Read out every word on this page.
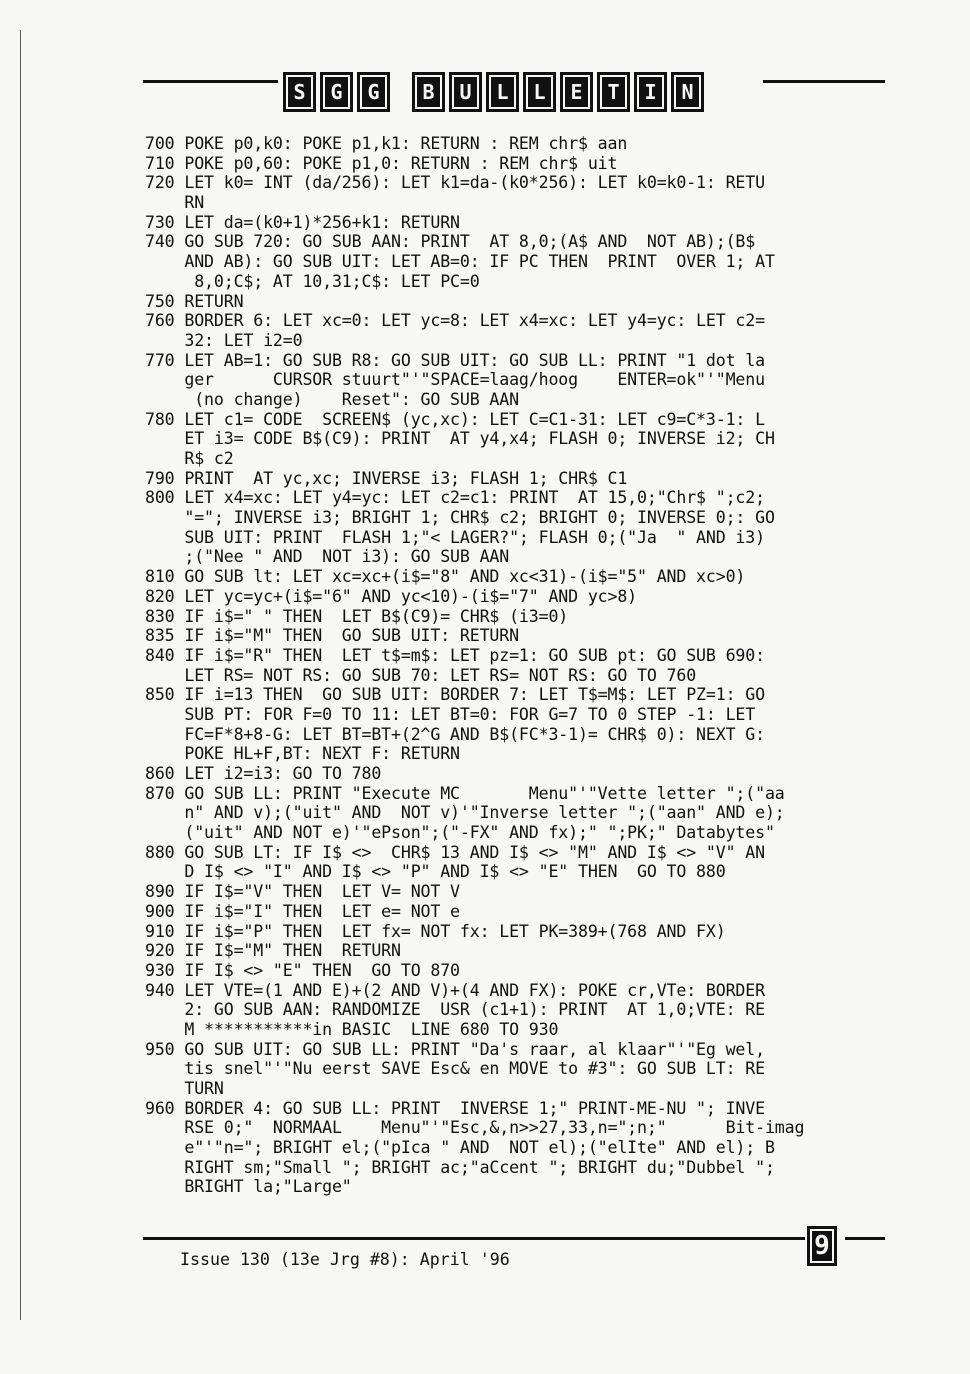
S	G	G	B	U	L	L	E	T	I	N
700 POKE p0,k0: POKE p1,k1: RETURN : REM chr$ aan
710 POKE p0,60: POKE p1,0: RETURN : REM chr$ uit
720 LET k0= INT (da/256): LET k1=da-(k0*256): LET k0=k0-1: RETU
RN
730 LET da=(k0+1)*256+k1: RETURN
740 GO SUB 720: GO SUB AAN: PRINT  AT 8,0;(A$ AND  NOT AB);(B$
AND AB): GO SUB UIT: LET AB=0: IF PC THEN  PRINT  OVER 1; AT
8,0;C$; AT 10,31;C$: LET PC=0
750 RETURN
760 BORDER 6: LET xc=0: LET yc=8: LET x4=xc: LET y4=yc: LET c2=
32: LET i2=0
770 LET AB=1: GO SUB R8: GO SUB UIT: GO SUB LL: PRINT "1 dot la
ger      CURSOR stuurt"'"SPACE=laag/hoog    ENTER=ok"'"Menu
(no change)    Reset": GO SUB AAN
780 LET c1= CODE  SCREEN$ (yc,xc): LET C=C1-31: LET c9=C*3-1: L
ET i3= CODE B$(C9): PRINT  AT y4,x4; FLASH 0; INVERSE i2; CH
R$ c2
790 PRINT  AT yc,xc; INVERSE i3; FLASH 1; CHR$ C1
800 LET x4=xc: LET y4=yc: LET c2=c1: PRINT  AT 15,0;"Chr$ ";c2;
"="; INVERSE i3; BRIGHT 1; CHR$ c2; BRIGHT 0; INVERSE 0;: GO
SUB UIT: PRINT  FLASH 1;"< LAGER?"; FLASH 0;("Ja  " AND i3)
;("Nee " AND  NOT i3): GO SUB AAN
810 GO SUB lt: LET xc=xc+(i$="8" AND xc<31)-(i$="5" AND xc>0)
820 LET yc=yc+(i$="6" AND yc<10)-(i$="7" AND yc>8)
830 IF i$=" " THEN  LET B$(C9)= CHR$ (i3=0)
835 IF i$="M" THEN  GO SUB UIT: RETURN
840 IF i$="R" THEN  LET t$=m$: LET pz=1: GO SUB pt: GO SUB 690:
LET RS= NOT RS: GO SUB 70: LET RS= NOT RS: GO TO 760
850 IF i=13 THEN  GO SUB UIT: BORDER 7: LET T$=M$: LET PZ=1: GO
SUB PT: FOR F=0 TO 11: LET BT=0: FOR G=7 TO 0 STEP -1: LET
FC=F*8+8-G: LET BT=BT+(2^G AND B$(FC*3-1)= CHR$ 0): NEXT G:
POKE HL+F,BT: NEXT F: RETURN
860 LET i2=i3: GO TO 780
870 GO SUB LL: PRINT "Execute MC       Menu"'"Vette letter ";("aa
n" AND v);("uit" AND  NOT v)'"Inverse letter ";("aan" AND e);
("uit" AND NOT e)'"ePson";("-FX" AND fx);" ";PK;" Databytes"
880 GO SUB LT: IF I$ <>  CHR$ 13 AND I$ <> "M" AND I$ <> "V" AN
D I$ <> "I" AND I$ <> "P" AND I$ <> "E" THEN  GO TO 880
890 IF I$="V" THEN  LET V= NOT V
900 IF i$="I" THEN  LET e= NOT e
910 IF i$="P" THEN  LET fx= NOT fx: LET PK=389+(768 AND FX)
920 IF I$="M" THEN  RETURN
930 IF I$ <> "E" THEN  GO TO 870
940 LET VTE=(1 AND E)+(2 AND V)+(4 AND FX): POKE cr,VTe: BORDER
2: GO SUB AAN: RANDOMIZE  USR (c1+1): PRINT  AT 1,0;VTE: RE
M ***********in BASIC  LINE 680 TO 930
950 GO SUB UIT: GO SUB LL: PRINT "Da's raar, al klaar"'"Eg wel,
tis snel"'"Nu eerst SAVE Esc& en MOVE to #3": GO SUB LT: RE
TURN
960 BORDER 4: GO SUB LL: PRINT  INVERSE 1;" PRINT-ME-NU "; INVE
RSE 0;"  NORMAAL    Menu"'"Esc,&,n>>27,33,n=";n;"      Bit-imag
e"'"n="; BRIGHT el;("pIca " AND  NOT el);("elIte" AND el); B
RIGHT sm;"Small "; BRIGHT ac;"aCcent "; BRIGHT du;"Dubbel ";
BRIGHT la;"Large"
Issue 130 (13e Jrg #8): April '96	9
